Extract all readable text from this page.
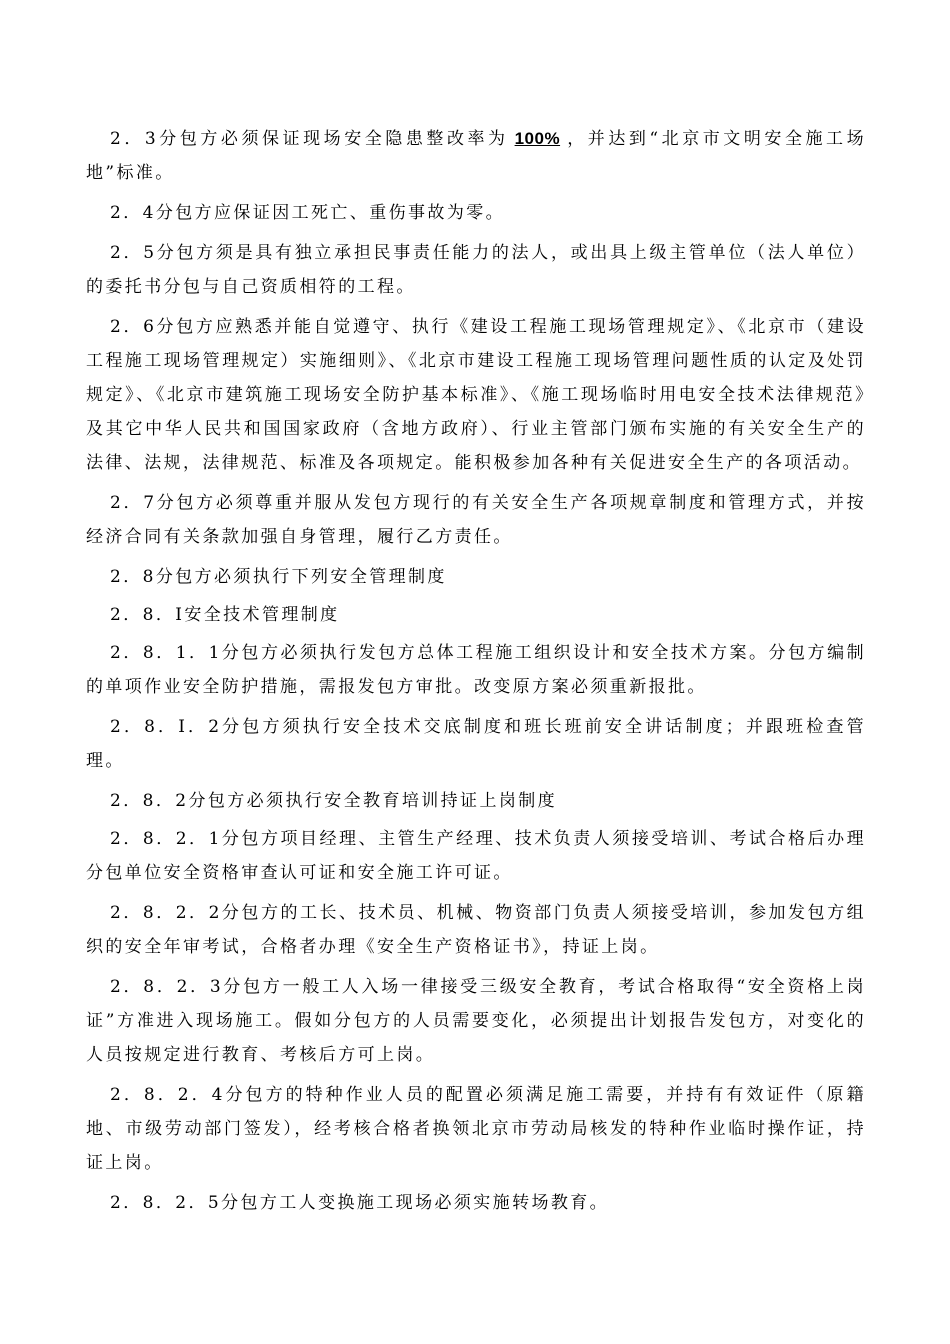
2．3分包方必须保证现场安全隐患整改率为 100% ，并达到“北京市文明安全施工场地”标准。

2．4分包方应保证因工死亡、重伤事故为零。

2．5分包方须是具有独立承担民事责任能力的法人，或出具上级主管单位（法人单位）的委托书分包与自己资质相符的工程。

2．6分包方应熟悉并能自觉遵守、执行《建设工程施工现场管理规定》、《北京市（建设工程施工现场管理规定）实施细则》、《北京市建设工程施工现场管理问题性质的认定及处罚规定》、《北京市建筑施工现场安全防护基本标准》、《施工现场临时用电安全技术法律规范》及其它中华人民共和国国家政府（含地方政府）、行业主管部门颁布实施的有关安全生产的法律、法规，法律规范、标准及各项规定。能积极参加各种有关促进安全生产的各项活动。

2．7分包方必须尊重并服从发包方现行的有关安全生产各项规章制度和管理方式，并按经济合同有关条款加强自身管理，履行乙方责任。

2．8分包方必须执行下列安全管理制度

2．8．Ⅰ安全技术管理制度

2．8．1．1分包方必须执行发包方总体工程施工组织设计和安全技术方案。分包方编制的单项作业安全防护措施，需报发包方审批。改变原方案必须重新报批。

2．8．Ⅰ．2分包方须执行安全技术交底制度和班长班前安全讲话制度；并跟班检查管理。

2．8．2分包方必须执行安全教育培训持证上岗制度

2．8．2．1分包方项目经理、主管生产经理、技术负责人须接受培训、考试合格后办理分包单位安全资格审查认可证和安全施工许可证。

2．8．2．2分包方的工长、技术员、机械、物资部门负责人须接受培训，参加发包方组织的安全年审考试，合格者办理《安全生产资格证书》，持证上岗。

2．8．2．3分包方一般工人入场一律接受三级安全教育，考试合格取得“安全资格上岗证”方准进入现场施工。假如分包方的人员需要变化，必须提出计划报告发包方，对变化的人员按规定进行教育、考核后方可上岗。

2．8．2．4分包方的特种作业人员的配置必须满足施工需要，并持有有效证件（原籍地、市级劳动部门签发），经考核合格者换领北京市劳动局核发的特种作业临时操作证，持证上岗。

2．8．2．5分包方工人变换施工现场必须实施转场教育。
